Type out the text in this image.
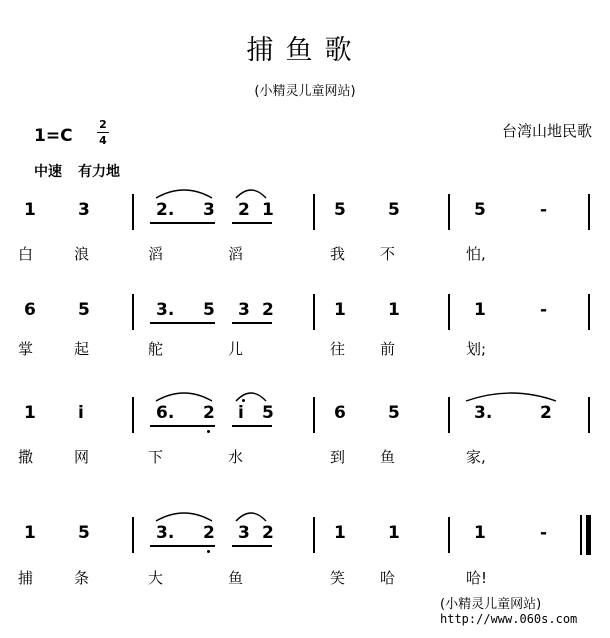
捕鱼歌
(小精灵儿童网站)
1=C
2
4
中速 有力地
台湾山地民歌
1 3	2. 3 2 1	5 5	5	-
白	浪	滔	滔	我 不	怕,
6 5	3. 5 3 2	1 1	1	-
掌	起	舵	儿	往 前	划;
1 i	6. 2 i 5	6 5	3.	2
撒	网	下	水	到 鱼	家,
1 5	3. 2 3 2	1 1	1	-
捕	条	大	鱼	笑 哈	哈!
(小精灵儿童网站)
http://www.060s.com
